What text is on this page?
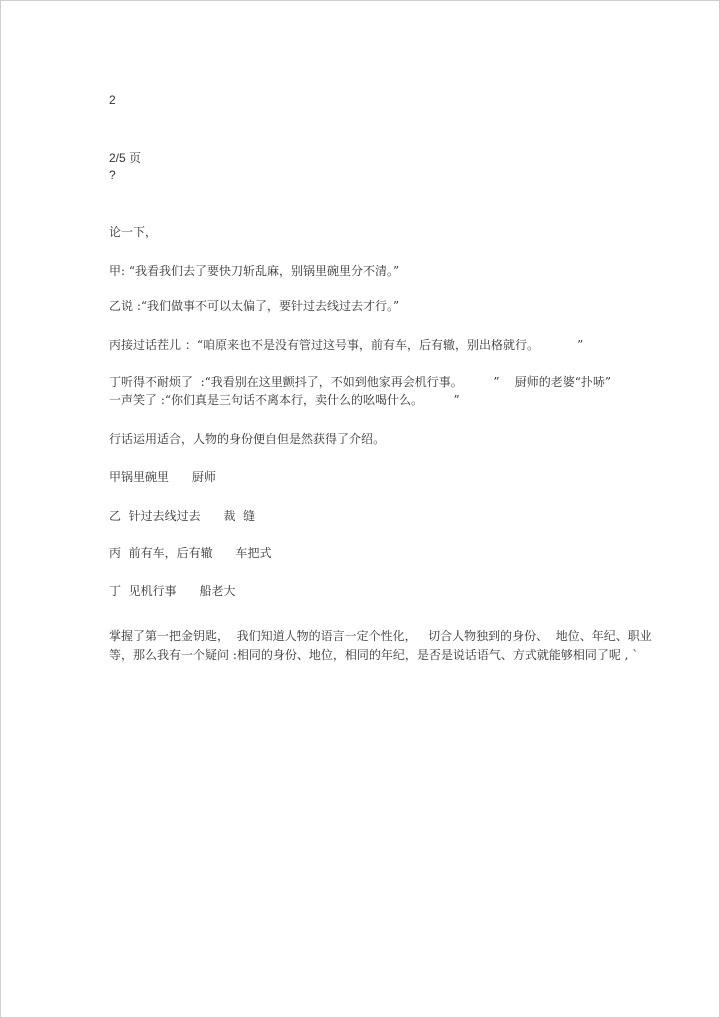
2
2/5 页
?
论一下，
甲: “我看我们去了要快刀斩乱麻，别锅里碗里分不清。”
乙说 :“我们做事不可以太偏了，要针过去线过去才行。”
丙接过话茬儿 ：“咱原来也不是没有管过这号事，前有车，后有辙，别出格就行。          ”
丁听得不耐烦了  :“我看别在这里颤抖了，不如到他家再会机行事。        ”    厨师的老婆“扑哧”
一声笑了 :“你们真是三句话不离本行，卖什么的吆喝什么。        ”
行话运用适合，人物的身份便自但是然获得了介绍。
甲锅里碗里      厨师
乙  针过去线过去      裁  缝
丙  前有车，后有辙      车把式
丁  见机行事      船老大
掌握了第一把金钥匙，  我们知道人物的语言一定个性化，   切合人物独到的身份、  地位、年纪、职业
等，那么我有一个疑问 :相同的身份、地位，相同的年纪，是否是说话语气、方式就能够相同了呢 , `
